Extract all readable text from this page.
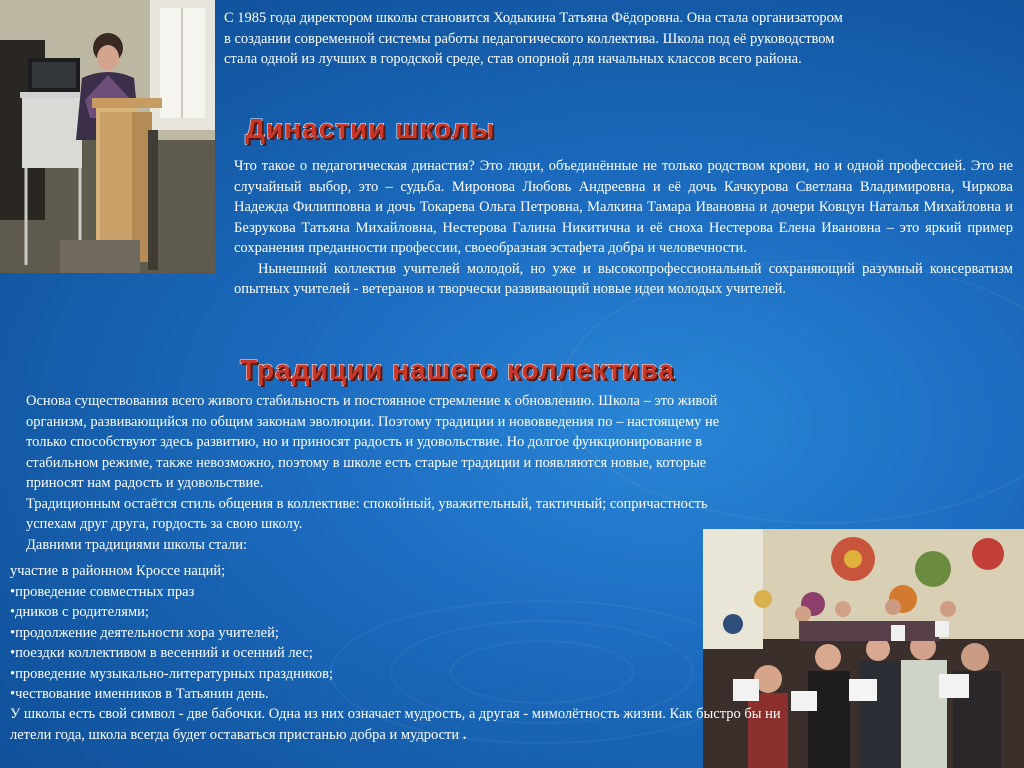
С 1985 года директором школы становится Ходыкина Татьяна Фёдоровна. Она стала организатором

в создании современной системы работы педагогического коллектива. Школа под её руководством

стала одной из лучших в городской среде, став опорной для начальных классов всего района.

Династии школы

Что такое о педагогическая династия? Это люди, объединённые не только родством крови, но и одной профессией. Это не случайный выбор, это – судьба. Миронова Любовь Андреевна и её дочь Качкурова Светлана Владимировна, Чиркова Надежда Филипповна и дочь Токарева Ольга Петровна, Малкина Тамара Ивановна и дочери Ковцун Наталья Михайловна и Безрукова Татьяна Михайловна, Нестерова Галина Никитична и её сноха Нестерова Елена Ивановна – это яркий пример сохранения преданности профессии, своеобразная эстафета добра и человечности.

Нынешний коллектив учителей молодой, но уже и высокопрофессиональный сохраняющий разумный консерватизм опытных учителей - ветеранов и творчески развивающий новые идеи молодых учителей.

Традиции нашего коллектива

Основа существования всего живого стабильность и постоянное стремление к обновлению. Школа – это живой

организм, развивающийся по общим законам эволюции. Поэтому традиции и нововведения по – настоящему не

только способствуют здесь развитию, но и приносят радость и удовольствие. Но долгое функционирование в

стабильном режиме, также невозможно, поэтому в школе есть старые традиции и появляются новые, которые

приносят нам радость и удовольствие.

Традиционным остаётся стиль общения в коллективе: спокойный, уважительный, тактичный; сопричастность

успехам друг друга, гордость за свою школу.

Давними традициями школы стали:

участие в районном Кроссе наций;
•проведение совместных праз
•дников с родителями;
•продолжение деятельности хора учителей;
•поездки коллективом в весенний и осенний лес;
•проведение музыкально-литературных праздников;
•чествование именников в Татьянин день.

У школы есть свой символ - две бабочки. Одна из них означает мудрость, а другая - мимолётность жизни. Как быстро бы ни

летели года, школа всегда будет оставаться пристанью добра и мудрости .
